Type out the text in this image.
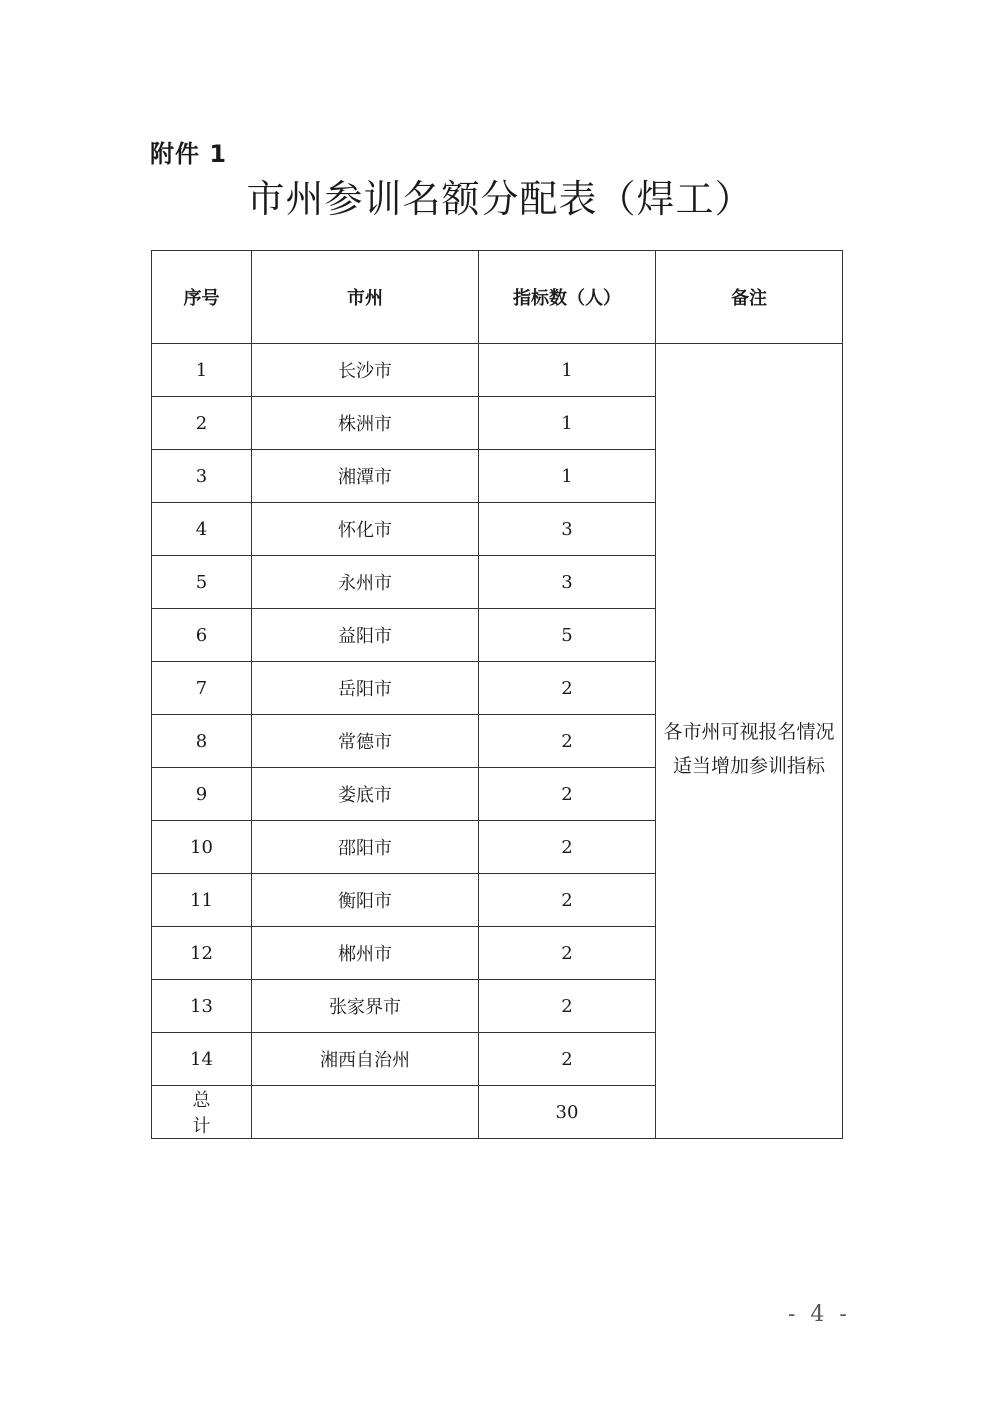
附件 1
市州参训名额分配表（焊工）
序号	市州	指标数（人）	备注
1	长沙市	1	各市州可视报名情况
适当增加参训指标

2	株洲市	1	
3	湘潭市	1	
4	怀化市	3	
5	永州市	3	
6	益阳市	5	
7	岳阳市	2	
8	常德市	2	
9	娄底市	2	
10	邵阳市	2	
11	衡阳市	2	
12	郴州市	2	
13	张家界市	2	
14	湘西自治州	2	
总计		30	
- 4 -
